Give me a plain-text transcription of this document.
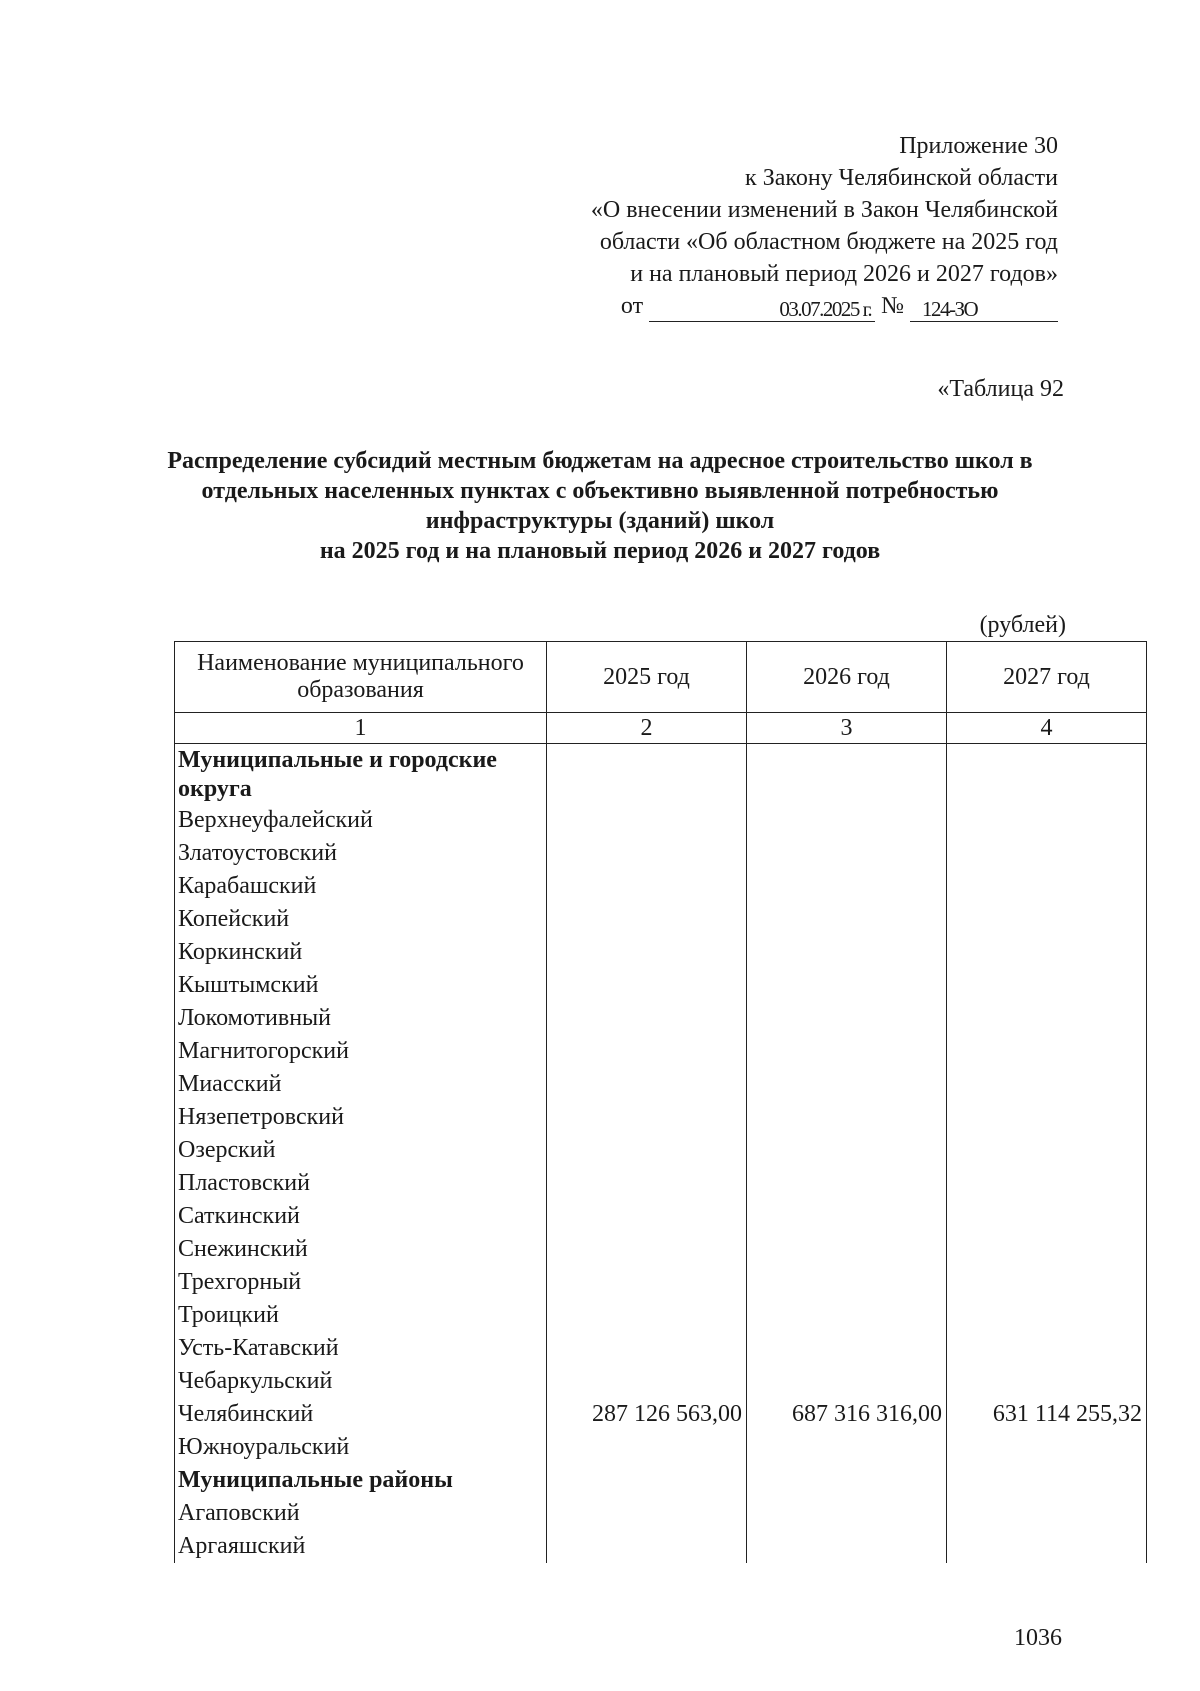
Приложение 30
к Закону Челябинской области
«О внесении изменений в Закон Челябинской
области «Об областном бюджете на 2025 год
и на плановый период 2026 и 2027 годов»
от	03.07.2025 г. № 124-ЗО
«Таблица 92
Распределение субсидий местным бюджетам на адресное строительство школ в
отдельных населенных пунктах с объективно выявленной потребностью
инфраструктуры (зданий) школ
на 2025 год и на плановый период 2026 и 2027 годов
(рублей)
Наименование муниципального образования	2025 год	2026 год	2027 год
1	2	3	4
Муниципальные и городские округа			
Верхнеуфалейский			
Златоустовский			
Карабашский			
Копейский			
Коркинский			
Кыштымский			
Локомотивный			
Магнитогорский			
Миасский			
Нязепетровский			
Озерский			
Пластовский			
Саткинский			
Снежинский			
Трехгорный			
Троицкий			
Усть-Катавский			
Чебаркульский			
Челябинский	287 126 563,00	687 316 316,00	631 114 255,32
Южноуральский			
Муниципальные районы			
Агаповский			
Аргаяшский			
1036
